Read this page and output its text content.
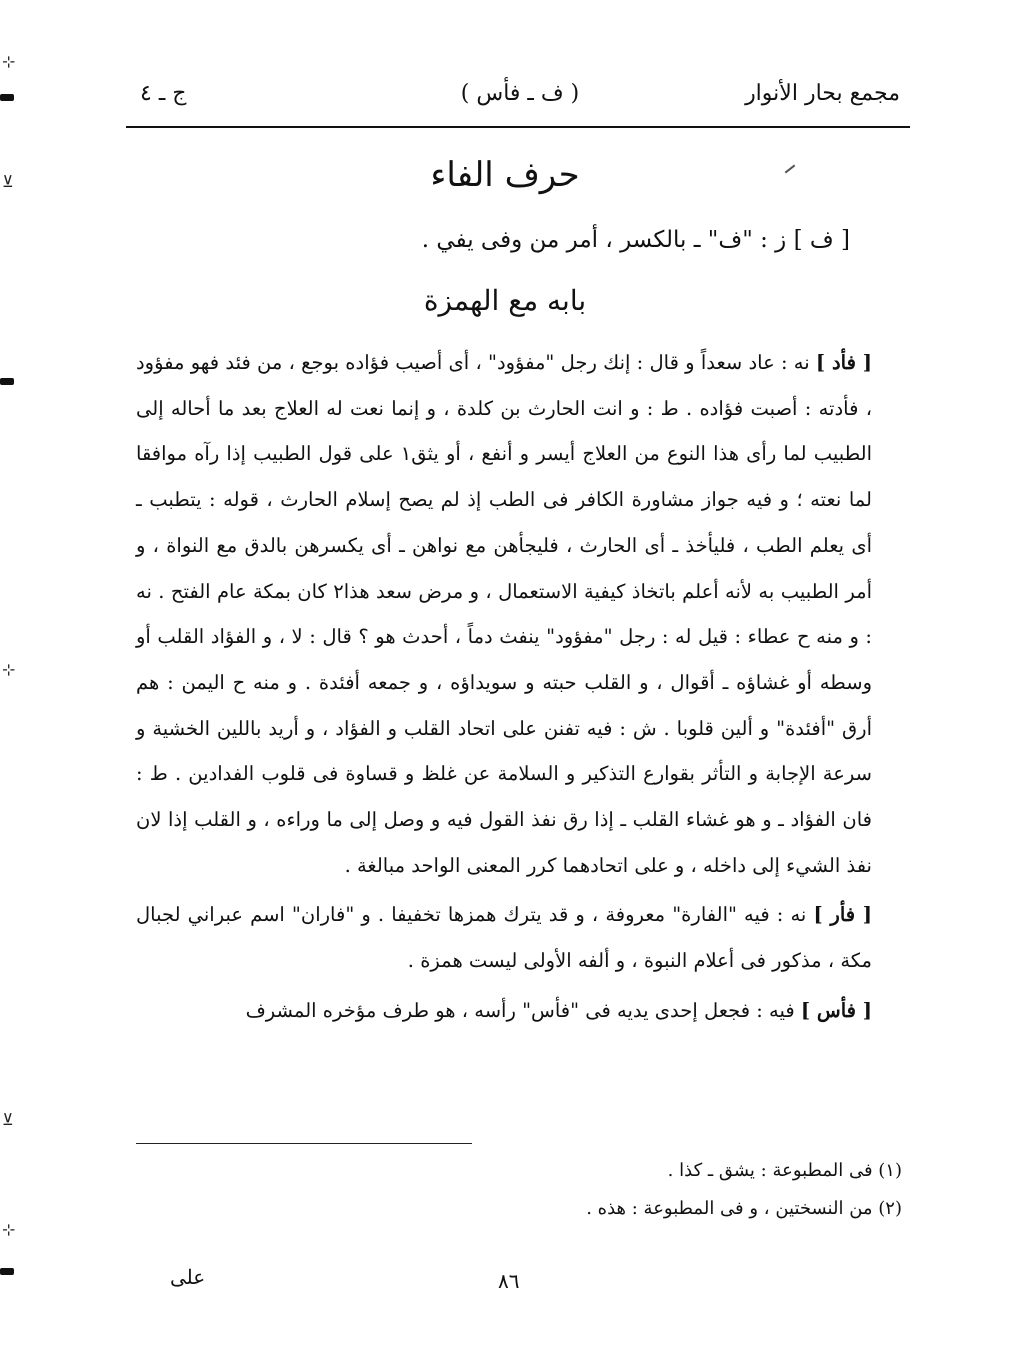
⊹
⊻
⊹
⊻
⊹
مجمع بحار الأنوار
( ف ـ فأس )
ج ـ ٤
حرف الفاء
[ ف ] ز : "ف" ـ بالكسر ، أمر من وفى يفي .
بابه مع الهمزة

[ فأد ] نه : عاد سعداً و قال : إنك رجل "مفؤود" ، أى أصيب فؤاده بوجع ، من فئد فهو مفؤود ، فأدته : أصبت فؤاده . ط : و انت الحارث بن كلدة ، و إنما نعت له العلاج بعد ما أحاله إلى الطبيب لما رأى هذا النوع من العلاج أيسر و أنفع ، أو يثق١ على قول الطبيب إذا رآه موافقا لما نعته ؛ و فيه جواز مشاورة الكافر فى الطب إذ لم يصح إسلام الحارث ، قوله : يتطبب ـ أى يعلم الطب ، فليأخذ ـ أى الحارث ، فليجأهن مع نواهن ـ أى يكسرهن بالدق مع النواة ، و أمر الطبيب به لأنه أعلم باتخاذ كيفية الاستعمال ، و مرض سعد هذا٢ كان بمكة عام الفتح . نه : و منه ح عطاء : قيل له : رجل "مفؤود" ينفث دماً ، أحدث هو ؟ قال : لا ، و الفؤاد القلب أو وسطه أو غشاؤه ـ أقوال ، و القلب حبته و سويداؤه ، و جمعه أفئدة . و منه ح اليمن : هم أرق "أفئدة" و ألين قلوبا . ش : فيه تفنن على اتحاد القلب و الفؤاد ، و أريد باللين الخشية و سرعة الإجابة و التأثر بقوارع التذكير و السلامة عن غلظ و قساوة فى قلوب الفدادين . ط : فان الفؤاد ـ و هو غشاء القلب ـ إذا رق نفذ القول فيه و وصل إلى ما وراءه ، و القلب إذا لان نفذ الشيء إلى داخله ، و على اتحادهما كرر المعنى الواحد مبالغة .

[ فأر ] نه : فيه "الفارة" معروفة ، و قد يترك همزها تخفيفا . و "فاران" اسم عبراني لجبال مكة ، مذكور فى أعلام النبوة ، و ألفه الأولى ليست همزة .

[ فأس ] فيه : فجعل إحدى يديه فى "فأس" رأسه ، هو طرف مؤخره المشرف

(١) فى المطبوعة : يشق ـ كذا .
(٢) من النسختين ، و فى المطبوعة : هذه .
٨٦
على
